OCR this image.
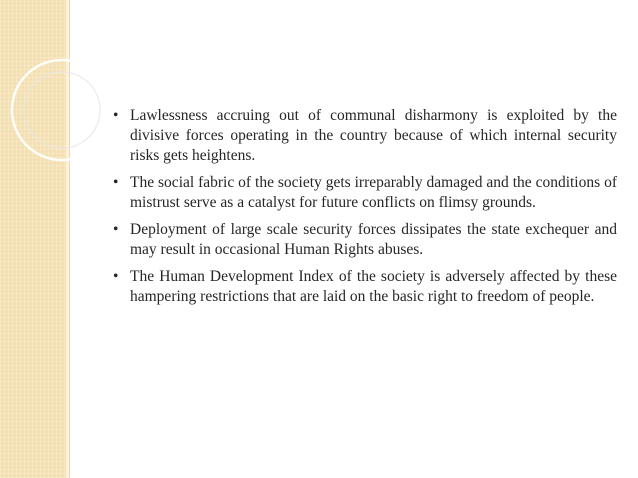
• Lawlessness accruing out of communal disharmony is exploited by the divisive forces operating in the country because of which internal security risks gets heightens.

• The social fabric of the society gets irreparably damaged and the conditions of mistrust serve as a catalyst for future conflicts on flimsy grounds.

• Deployment of large scale security forces dissipates the state exchequer and may result in occasional Human Rights abuses.

• The Human Development Index of the society is adversely affected by these hampering restrictions that are laid on the basic right to freedom of people.
